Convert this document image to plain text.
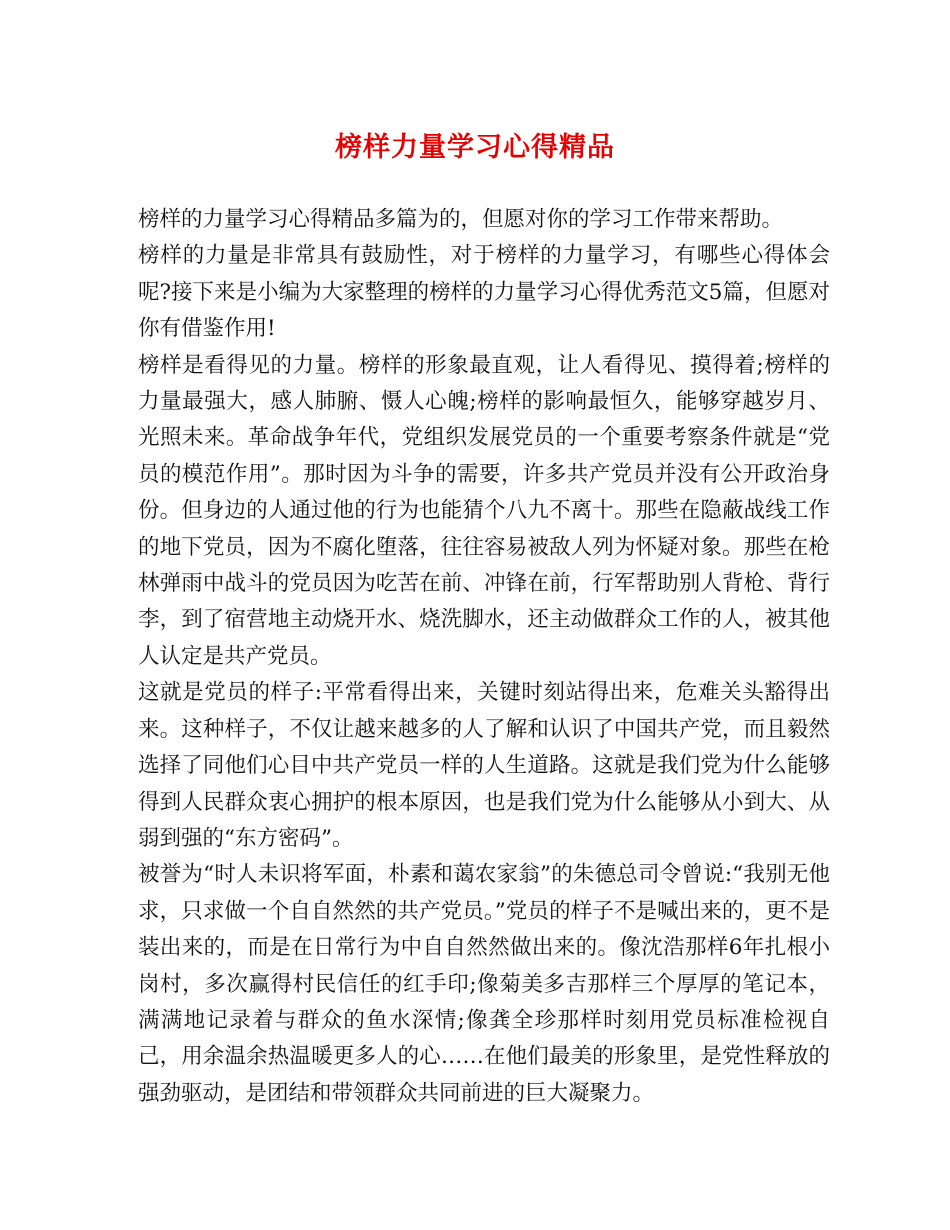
榜样力量学习心得精品

榜样的力量学习心得精品多篇为的，但愿对你的学习工作带来帮助。

榜样的力量是非常具有鼓励性，对于榜样的力量学习，有哪些心得体会呢?接下来是小编为大家整理的榜样的力量学习心得优秀范文5篇，但愿对你有借鉴作用!

榜样是看得见的力量。榜样的形象最直观，让人看得见、摸得着;榜样的力量最强大，感人肺腑、慑人心魄;榜样的影响最恒久，能够穿越岁月、光照未来。革命战争年代，党组织发展党员的一个重要考察条件就是“党员的模范作用”。那时因为斗争的需要，许多共产党员并没有公开政治身份。但身边的人通过他的行为也能猜个八九不离十。那些在隐蔽战线工作的地下党员，因为不腐化堕落，往往容易被敌人列为怀疑对象。那些在枪林弹雨中战斗的党员因为吃苦在前、冲锋在前，行军帮助别人背枪、背行李，到了宿营地主动烧开水、烧洗脚水，还主动做群众工作的人，被其他人认定是共产党员。

这就是党员的样子:平常看得出来，关键时刻站得出来，危难关头豁得出来。这种样子，不仅让越来越多的人了解和认识了中国共产党，而且毅然选择了同他们心目中共产党员一样的人生道路。这就是我们党为什么能够得到人民群众衷心拥护的根本原因，也是我们党为什么能够从小到大、从弱到强的“东方密码”。

被誉为“时人未识将军面，朴素和蔼农家翁”的朱德总司令曾说:“我别无他求，只求做一个自自然然的共产党员。”党员的样子不是喊出来的，更不是装出来的，而是在日常行为中自自然然做出来的。像沈浩那样6年扎根小岗村，多次赢得村民信任的红手印;像菊美多吉那样三个厚厚的笔记本，满满地记录着与群众的鱼水深情;像龚全珍那样时刻用党员标准检视自己，用余温余热温暖更多人的心……在他们最美的形象里，是党性释放的强劲驱动，是团结和带领群众共同前进的巨大凝聚力。
